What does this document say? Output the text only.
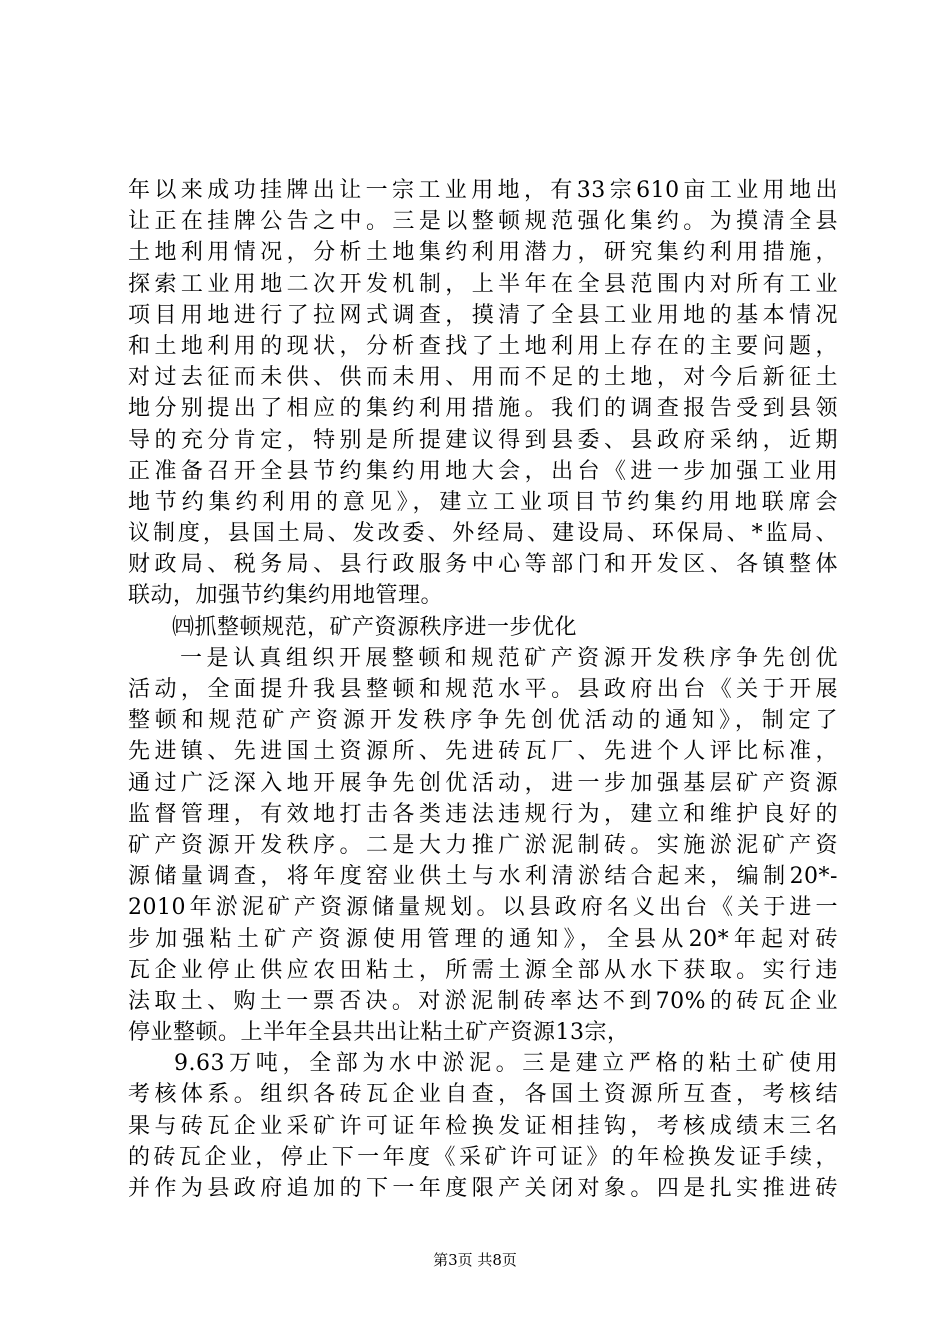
年以来成功挂牌出让一宗工业用地，有33宗610亩工业用地出
让正在挂牌公告之中。三是以整顿规范强化集约。为摸清全县
土地利用情况，分析土地集约利用潜力，研究集约利用措施，
探索工业用地二次开发机制，上半年在全县范围内对所有工业
项目用地进行了拉网式调查，摸清了全县工业用地的基本情况
和土地利用的现状，分析查找了土地利用上存在的主要问题，
对过去征而未供、供而未用、用而不足的土地，对今后新征土
地分别提出了相应的集约利用措施。我们的调查报告受到县领
导的充分肯定，特别是所提建议得到县委、县政府采纳，近期
正准备召开全县节约集约用地大会，出台《进一步加强工业用
地节约集约利用的意见》，建立工业项目节约集约用地联席会
议制度，县国土局、发改委、外经局、建设局、环保局、*监局、
财政局、税务局、县行政服务中心等部门和开发区、各镇整体
联动，加强节约集约用地管理。
㈣抓整顿规范，矿产资源秩序进一步优化
一是认真组织开展整顿和规范矿产资源开发秩序争先创优
活动，全面提升我县整顿和规范水平。县政府出台《关于开展
整顿和规范矿产资源开发秩序争先创优活动的通知》，制定了
先进镇、先进国土资源所、先进砖瓦厂、先进个人评比标准，
通过广泛深入地开展争先创优活动，进一步加强基层矿产资源
监督管理，有效地打击各类违法违规行为，建立和维护良好的
矿产资源开发秩序。二是大力推广淤泥制砖。实施淤泥矿产资
源储量调查，将年度窑业供土与水利清淤结合起来，编制20*-
2010年淤泥矿产资源储量规划。以县政府名义出台《关于进一
步加强粘土矿产资源使用管理的通知》，全县从20*年起对砖
瓦企业停止供应农田粘土，所需土源全部从水下获取。实行违
法取土、购土一票否决。对淤泥制砖率达不到70%的砖瓦企业
停业整顿。上半年全县共出让粘土矿产资源13宗，
9.63万吨，全部为水中淤泥。三是建立严格的粘土矿使用
考核体系。组织各砖瓦企业自查，各国土资源所互查，考核结
果与砖瓦企业采矿许可证年检换发证相挂钩，考核成绩末三名
的砖瓦企业，停止下一年度《采矿许可证》的年检换发证手续，
并作为县政府追加的下一年度限产关闭对象。四是扎实推进砖
第3页 共8页
